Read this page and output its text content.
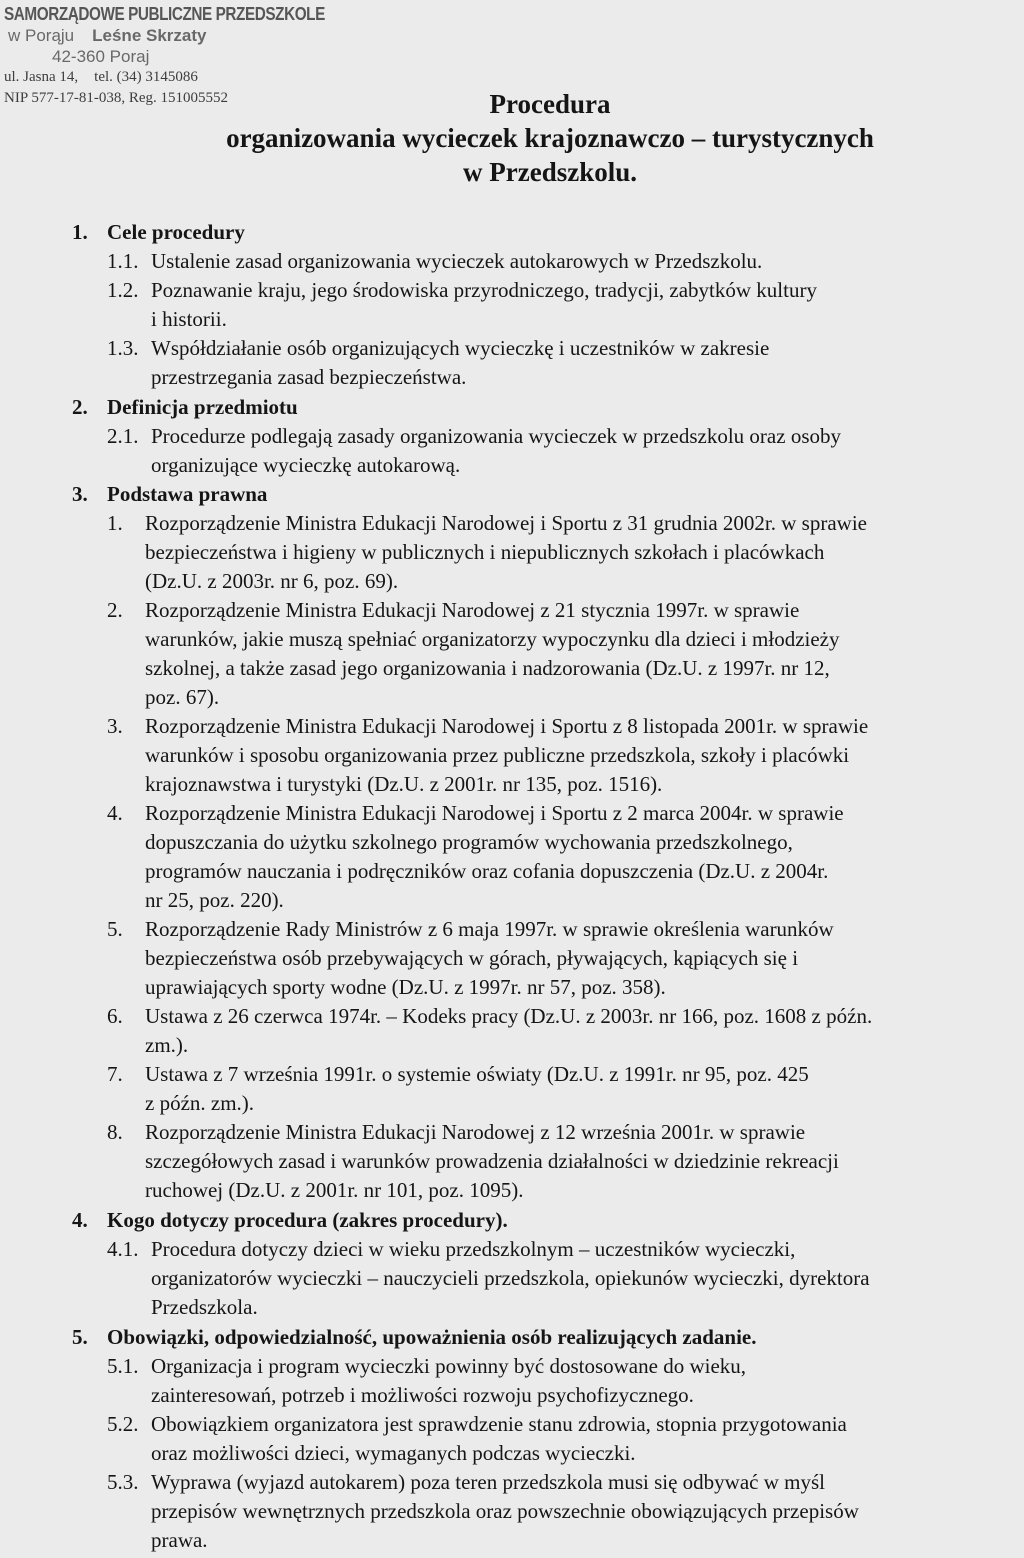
SAMORZĄDOWE PUBLICZNE PRZEDSZKOLE
w Porąju Leśne Skrzaty
42-360 Poraj
ul. Jasna 14, tel. (34) 3145086
NIP 577-17-81-038, Reg. 151005552	Procedura
organizowania wycieczek krajoznawczo – turystycznych
w Przedszkolu.
1. Cele procedury
1.1. Ustalenie zasad organizowania wycieczek autokarowych w Przedszkolu.
1.2. Poznawanie kraju, jego środowiska przyrodniczego, tradycji, zabytków kultury
i historii.
1.3. Współdziałanie osób organizujących wycieczkę i uczestników w zakresie
przestrzegania zasad bezpieczeństwa.
2. Definicja przedmiotu
2.1. Procedurze podlegają zasady organizowania wycieczek w przedszkolu oraz osoby
organizujące wycieczkę autokarową.
3. Podstawa prawna
1. Rozporządzenie Ministra Edukacji Narodowej i Sportu z 31 grudnia 2002r. w sprawie
bezpieczeństwa i higieny w publicznych i niepublicznych szkołach i placówkach
(Dz.U. z 2003r. nr 6, poz. 69).
2. Rozporządzenie Ministra Edukacji Narodowej z 21 stycznia 1997r. w sprawie
warunków, jakie muszą spełniać organizatorzy wypoczynku dla dzieci i młodzieży
szkolnej, a także zasad jego organizowania i nadzorowania (Dz.U. z 1997r. nr 12,
poz. 67).
3. Rozporządzenie Ministra Edukacji Narodowej i Sportu z 8 listopada 2001r. w sprawie
warunków i sposobu organizowania przez publiczne przedszkola, szkoły i placówki
krajoznawstwa i turystyki (Dz.U. z 2001r. nr 135, poz. 1516).
4. Rozporządzenie Ministra Edukacji Narodowej i Sportu z 2 marca 2004r. w sprawie
dopuszczania do użytku szkolnego programów wychowania przedszkolnego,
programów nauczania i podręczników oraz cofania dopuszczenia (Dz.U. z 2004r.
nr 25, poz. 220).
5. Rozporządzenie Rady Ministrów z 6 maja 1997r. w sprawie określenia warunków
bezpieczeństwa osób przebywających w górach, pływających, kąpiących się i
uprawiających sporty wodne (Dz.U. z 1997r. nr 57, poz. 358).
6. Ustawa z 26 czerwca 1974r. – Kodeks pracy (Dz.U. z 2003r. nr 166, poz. 1608 z późn.
zm.).
7. Ustawa z 7 września 1991r. o systemie oświaty (Dz.U. z 1991r. nr 95, poz. 425
z późn. zm.).
8. Rozporządzenie Ministra Edukacji Narodowej z 12 września 2001r. w sprawie
szczegółowych zasad i warunków prowadzenia działalności w dziedzinie rekreacji
ruchowej (Dz.U. z 2001r. nr 101, poz. 1095).
4. Kogo dotyczy procedura (zakres procedury).
4.1. Procedura dotyczy dzieci w wieku przedszkolnym – uczestników wycieczki,
organizatorów wycieczki – nauczycieli przedszkola, opiekunów wycieczki, dyrektora
Przedszkola.
5. Obowiązki, odpowiedzialność, upoważnienia osób realizujących zadanie.
5.1. Organizacja i program wycieczki powinny być dostosowane do wieku,
zainteresowań, potrzeb i możliwości rozwoju psychofizycznego.
5.2. Obowiązkiem organizatora jest sprawdzenie stanu zdrowia, stopnia przygotowania
oraz możliwości dzieci, wymaganych podczas wycieczki.
5.3. Wyprawa (wyjazd autokarem) poza teren przedszkola musi się odbywać w myśl
przepisów wewnętrznych przedszkola oraz powszechnie obowiązujących przepisów
prawa.
